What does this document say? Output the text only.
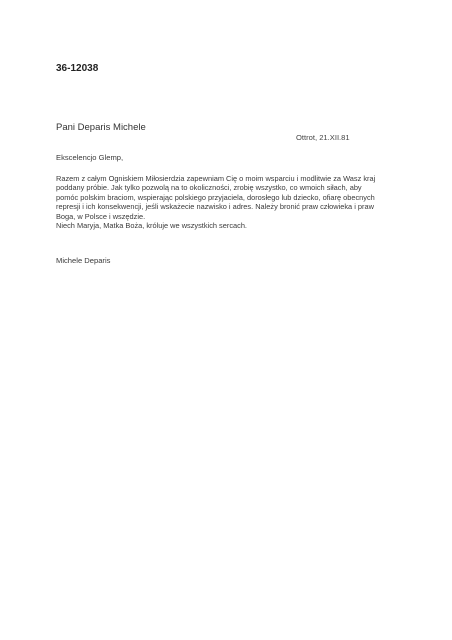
36-12038
Pani Deparis Michele
Ottrot, 21.XII.81
Ekscelencjo Glemp,

Razem z całym Ogniskiem Miłosierdzia zapewniam Cię o moim wsparciu i modlitwie za Wasz kraj poddany próbie. Jak tylko pozwolą na to okoliczności, zrobię wszystko, co wmoich siłach, aby pomóc polskim braciom, wspierając polskiego przyjaciela, dorosłego lub dziecko, ofiarę obecnych represji i ich konsekwencji, jeśli wskażecie nazwisko i adres. Należy bronić praw człowieka i praw Boga, w Polsce i wszędzie.

Niech Maryja, Matka Boża, króluje we wszystkich sercach.

Michele Deparis
